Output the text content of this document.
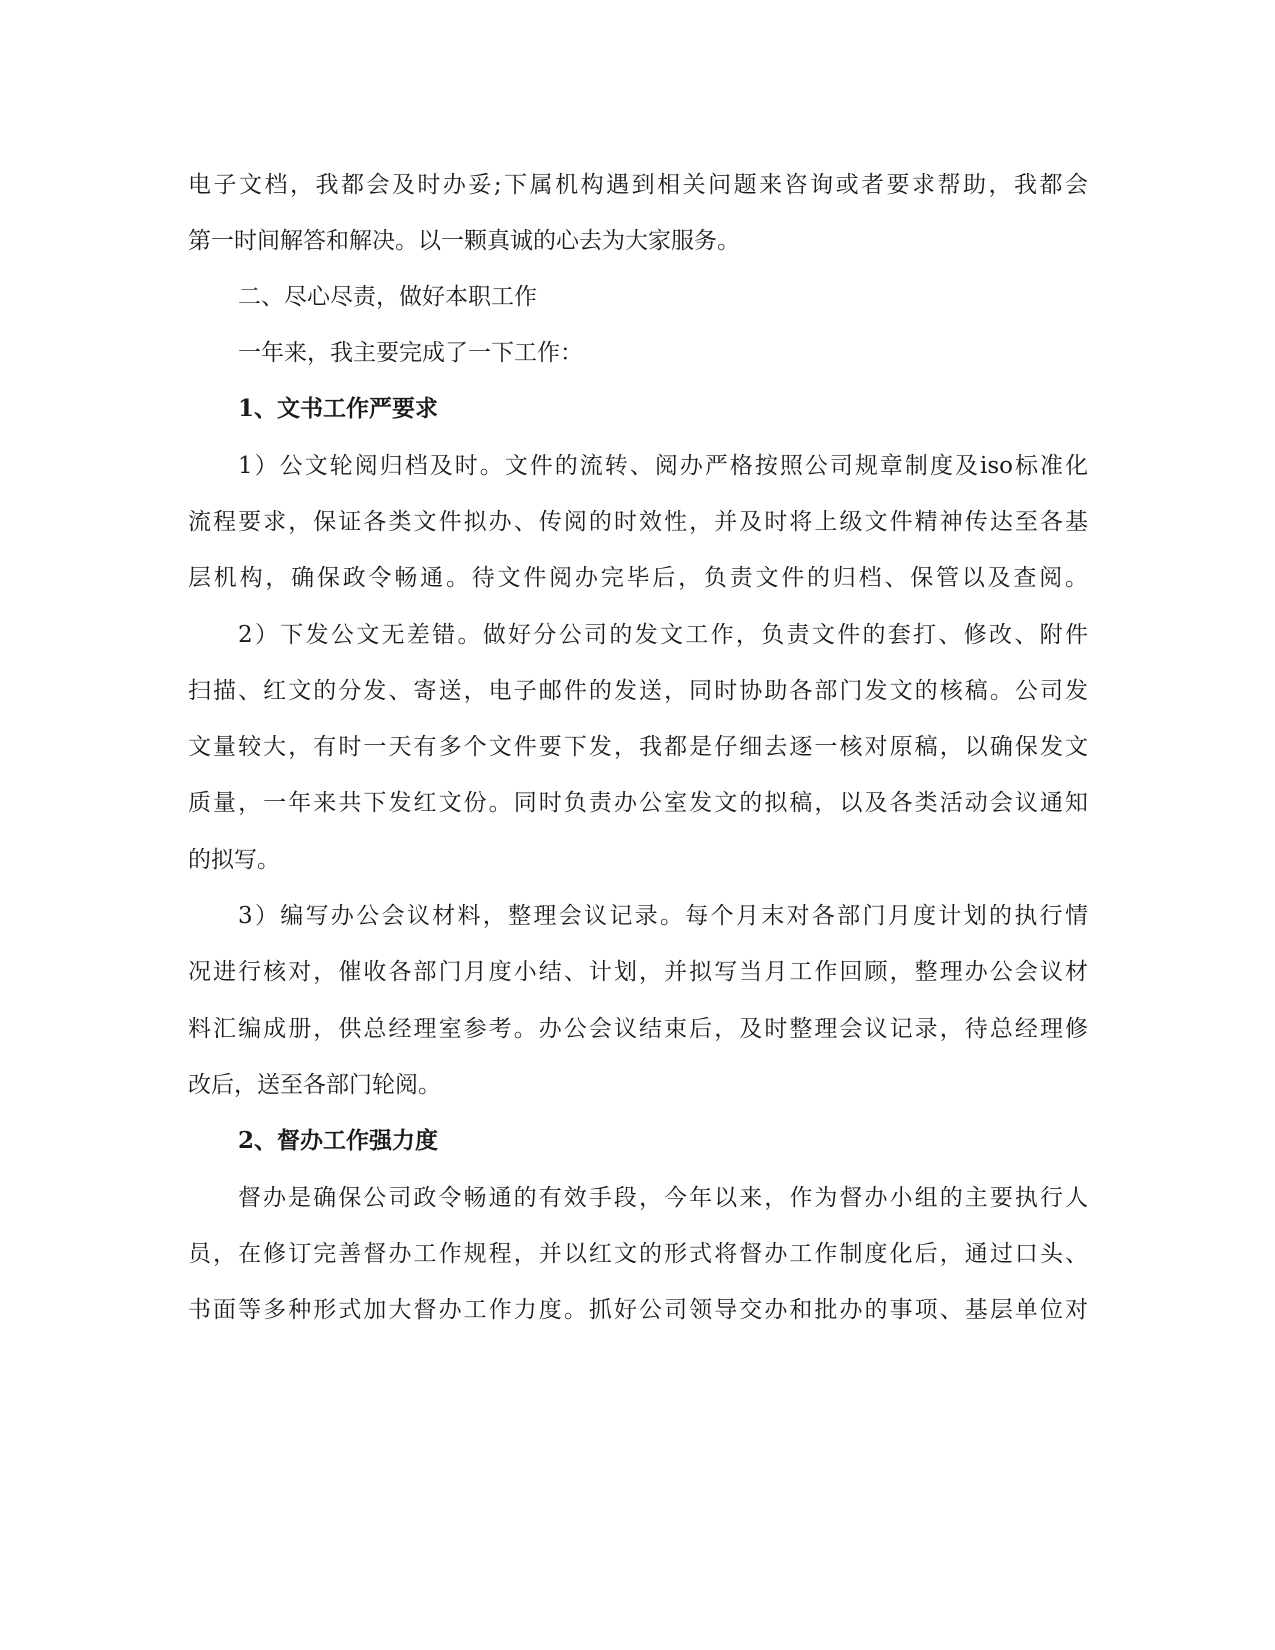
电子文档，我都会及时办妥;下属机构遇到相关问题来咨询或者要求帮助，我都会
第一时间解答和解决。以一颗真诚的心去为大家服务。
二、尽心尽责，做好本职工作
一年来，我主要完成了一下工作：
1、文书工作严要求
1）公文轮阅归档及时。文件的流转、阅办严格按照公司规章制度及iso标准化
流程要求，保证各类文件拟办、传阅的时效性，并及时将上级文件精神传达至各基
层机构，确保政令畅通。待文件阅办完毕后，负责文件的归档、保管以及查阅。
2）下发公文无差错。做好分公司的发文工作，负责文件的套打、修改、附件
扫描、红文的分发、寄送，电子邮件的发送，同时协助各部门发文的核稿。公司发
文量较大，有时一天有多个文件要下发，我都是仔细去逐一核对原稿，以确保发文
质量，一年来共下发红文份。同时负责办公室发文的拟稿，以及各类活动会议通知
的拟写。
3）编写办公会议材料，整理会议记录。每个月末对各部门月度计划的执行情
况进行核对，催收各部门月度小结、计划，并拟写当月工作回顾，整理办公会议材
料汇编成册，供总经理室参考。办公会议结束后，及时整理会议记录，待总经理修
改后，送至各部门轮阅。
2、督办工作强力度
督办是确保公司政令畅通的有效手段，今年以来，作为督办小组的主要执行人
员，在修订完善督办工作规程，并以红文的形式将督办工作制度化后，通过口头、
书面等多种形式加大督办工作力度。抓好公司领导交办和批办的事项、基层单位对
